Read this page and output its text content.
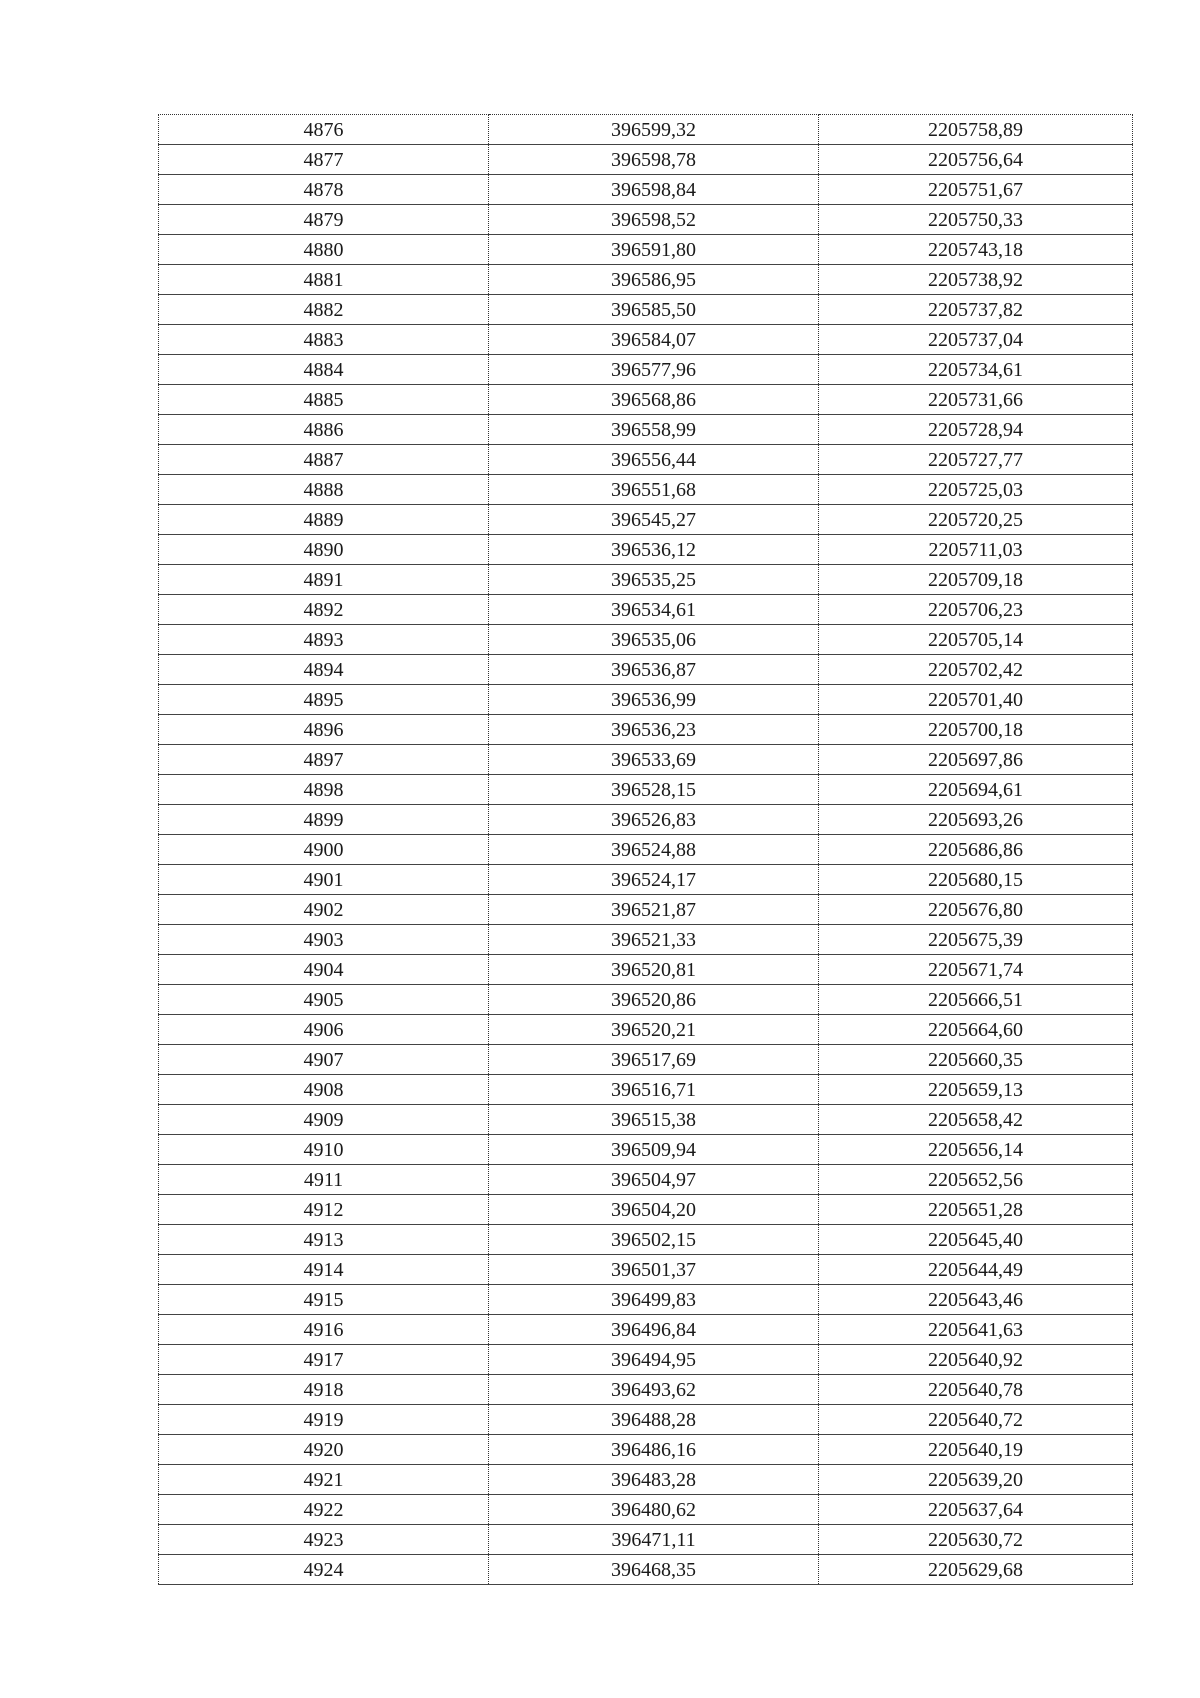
4876	396599,32	2205758,89
4877	396598,78	2205756,64
4878	396598,84	2205751,67
4879	396598,52	2205750,33
4880	396591,80	2205743,18
4881	396586,95	2205738,92
4882	396585,50	2205737,82
4883	396584,07	2205737,04
4884	396577,96	2205734,61
4885	396568,86	2205731,66
4886	396558,99	2205728,94
4887	396556,44	2205727,77
4888	396551,68	2205725,03
4889	396545,27	2205720,25
4890	396536,12	2205711,03
4891	396535,25	2205709,18
4892	396534,61	2205706,23
4893	396535,06	2205705,14
4894	396536,87	2205702,42
4895	396536,99	2205701,40
4896	396536,23	2205700,18
4897	396533,69	2205697,86
4898	396528,15	2205694,61
4899	396526,83	2205693,26
4900	396524,88	2205686,86
4901	396524,17	2205680,15
4902	396521,87	2205676,80
4903	396521,33	2205675,39
4904	396520,81	2205671,74
4905	396520,86	2205666,51
4906	396520,21	2205664,60
4907	396517,69	2205660,35
4908	396516,71	2205659,13
4909	396515,38	2205658,42
4910	396509,94	2205656,14
4911	396504,97	2205652,56
4912	396504,20	2205651,28
4913	396502,15	2205645,40
4914	396501,37	2205644,49
4915	396499,83	2205643,46
4916	396496,84	2205641,63
4917	396494,95	2205640,92
4918	396493,62	2205640,78
4919	396488,28	2205640,72
4920	396486,16	2205640,19
4921	396483,28	2205639,20
4922	396480,62	2205637,64
4923	396471,11	2205630,72
4924	396468,35	2205629,68
